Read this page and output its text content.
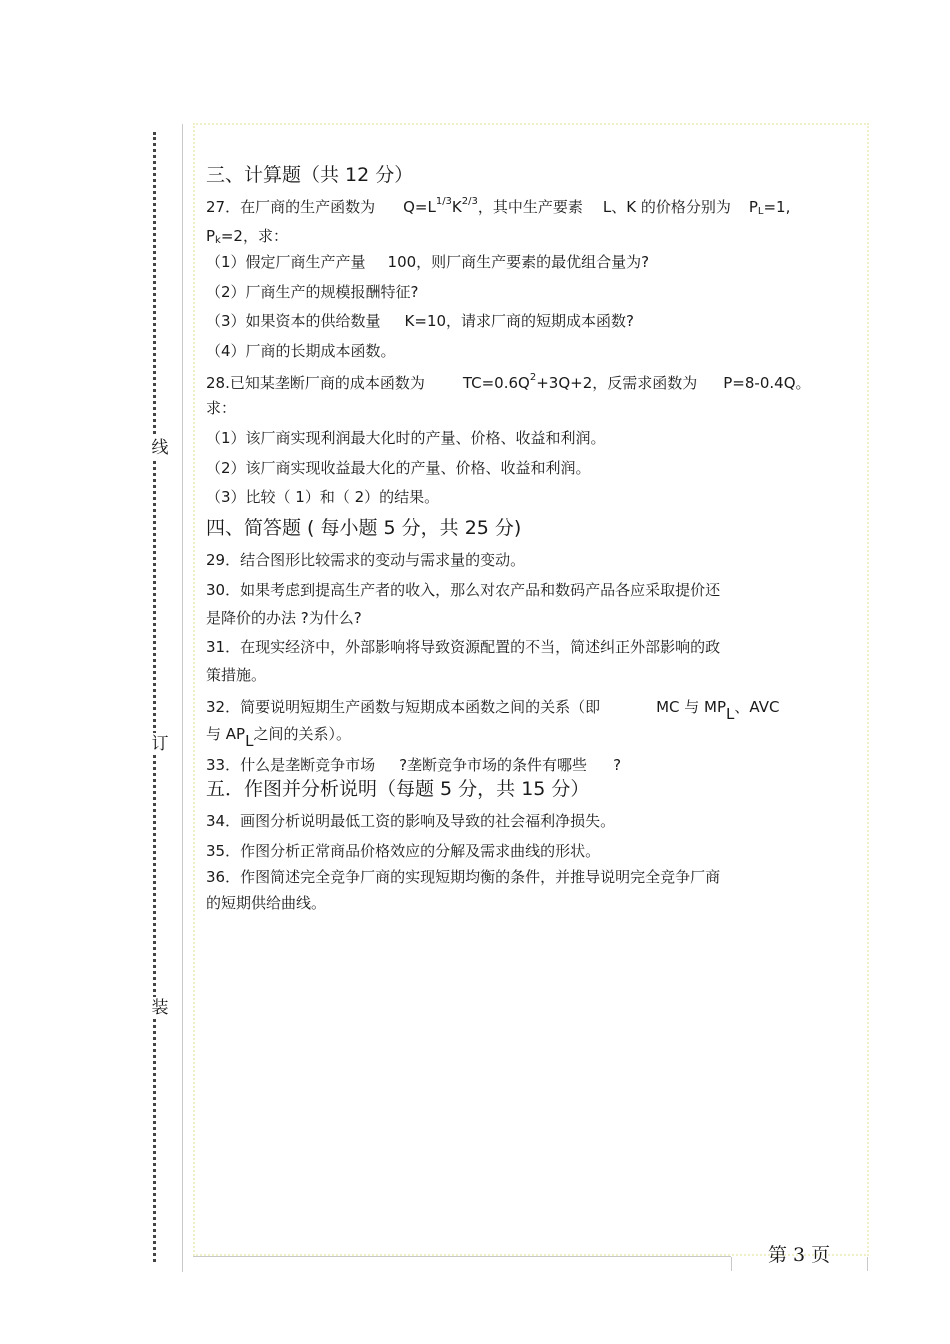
线
订
装
三、计算题（共 12 分）
27．在厂商的生产函数为 $Q=L^{1/3}K^{2/3}$，其中生产要素 L、K 的价格分别为 $P_L=1$,
$P_k=2$，求：
（1）假定厂商生产产量 100，则厂商生产要素的最优组合量为?
（2）厂商生产的规模报酬特征?
（3）如果资本的供给数量 K=10，请求厂商的短期成本函数?
（4）厂商的长期成本函数。
28.已知某垄断厂商的成本函数为	$TC=0.6Q^2+3Q+2$，反需求函数为 P=8-0.4Q。
求：
（1）该厂商实现利润最大化时的产量、价格、收益和利润。
（2）该厂商实现收益最大化的产量、价格、收益和利润。
（3）比较（ 1）和（ 2）的结果。
四、简答题 ( 每小题 5 分，共 25 分)
29．结合图形比较需求的变动与需求量的变动。
30．如果考虑到提高生产者的收入，那么对农产品和数码产品各应采取提价还
是降价的办法 ?为什么?
31．在现实经济中，外部影响将导致资源配置的不当，简述纠正外部影响的政
策措施。
32．简要说明短期生产函数与短期成本函数之间的关系（即	MC 与 MPL、AVC
与 APL之间的关系）。
33．什么是垄断竞争市场 ?垄断竞争市场的条件有哪些 ?
五．作图并分析说明（每题 5 分，共 15 分）
34．画图分析说明最低工资的影响及导致的社会福利净损失。
35．作图分析正常商品价格效应的分解及需求曲线的形状。
36．作图简述完全竞争厂商的实现短期均衡的条件，并推导说明完全竞争厂商
的短期供给曲线。
第 3 页
